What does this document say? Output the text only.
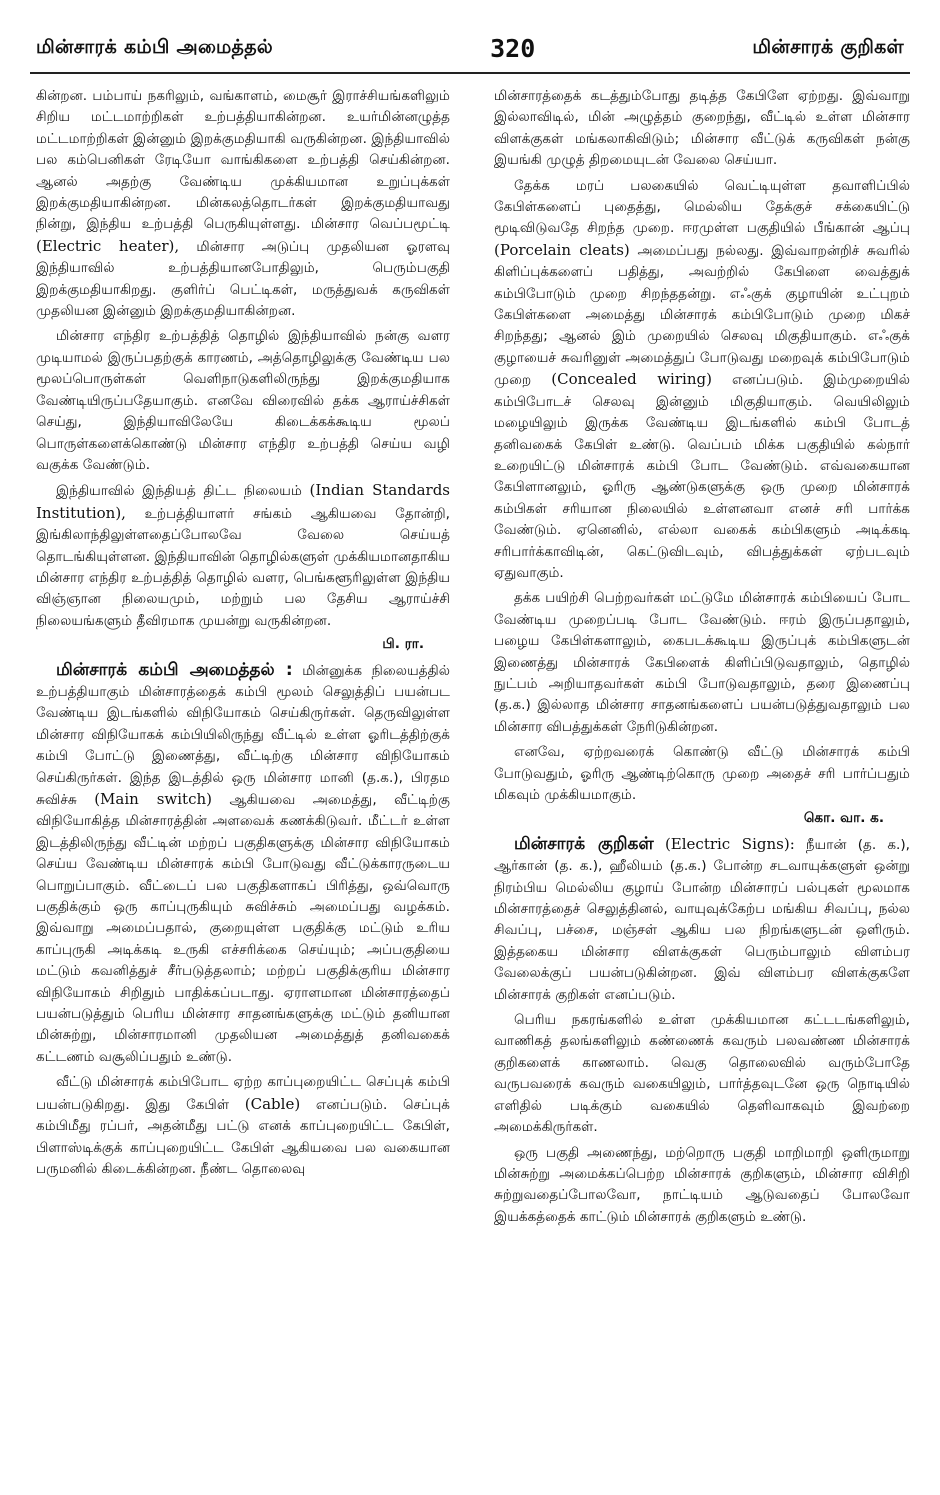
மின்சாரக் கம்பி அமைத்தல்	320	மின்சாரக் குறிகள்

கின்றன. பம்பாய் நகரிலும், வங்காளம், மைசூர் இராச்சியங்களிலும் சிறிய மட்டமாற்றிகள் உற்பத்தியாகின்றன. உயர்மின்னழுத்த மட்டமாற்றிகள் இன்னும் இறக்குமதியாகி வருகின்றன. இந்தியாவில் பல கம்பெனிகள் ரேடியோ வாங்கிகளை உற்பத்தி செய்கின்றன. ஆனல் அதற்கு வேண்டிய முக்கியமான உறுப்புக்கள் இறக்குமதியாகின்றன. மின்கலத்தொடர்கள் இறக்குமதியாவது நின்று, இந்திய உற்பத்தி பெருகியுள்ளது. மின்சார வெப்பமூட்டி (Electric heater), மின்சார அடுப்பு முதலியன ஓரளவு இந்தியாவில் உற்பத்தியானபோதிலும், பெரும்பகுதி இறக்குமதியாகிறது. குளிர்ப் பெட்டிகள், மருத்துவக் கருவிகள் முதலியன இன்னும் இறக்குமதியாகின்றன.

மின்சார எந்திர உற்பத்தித் தொழில் இந்தியாவில் நன்கு வளர முடியாமல் இருப்பதற்குக் காரணம், அத்தொழிலுக்கு வேண்டிய பல மூலப்பொருள்கள் வெளிநாடுகளிலிருந்து இறக்குமதியாக வேண்டியிருப்பதேயாகும். எனவே விரைவில் தக்க ஆராய்ச்சிகள் செய்து, இந்தியாவிலேயே கிடைக்கக்கூடிய மூலப் பொருள்களைக்கொண்டு மின்சார எந்திர உற்பத்தி செய்ய வழி வகுக்க வேண்டும்.

இந்தியாவில் இந்தியத் திட்ட நிலையம் (Indian Standards Institution), உற்பத்தியாளர் சங்கம் ஆகியவை தோன்றி, இங்கிலாந்திலுள்ளதைப்போலவே வேலை செய்யத் தொடங்கியுள்ளன. இந்தியாவின் தொழில்களுள் முக்கியமானதாகிய மின்சார எந்திர உற்பத்தித் தொழில் வளர, பெங்களூரிலுள்ள இந்திய விஞ்ஞான நிலையமும், மற்றும் பல தேசிய ஆராய்ச்சி நிலையங்களும் தீவிரமாக முயன்று வருகின்றன.

பி. ரா.

மின்சாரக் கம்பி அமைத்தல் : மின்னுக்க நிலையத்தில் உற்பத்தியாகும் மின்சாரத்தைக் கம்பி மூலம் செலுத்திப் பயன்பட வேண்டிய இடங்களில் விநியோகம் செய்கிருர்கள். தெருவிலுள்ள மின்சார விநியோகக் கம்பியிலிருந்து வீட்டில் உள்ள ஓரிடத்திற்குக் கம்பி போட்டு இணைத்து, வீட்டிற்கு மின்சார விநியோகம் செய்கிருர்கள். இந்த இடத்தில் ஒரு மின்சார மானி (த.க.), பிரதம சுவிச்சு (Main switch) ஆகியவை அமைத்து, வீட்டிற்கு விநியோகித்த மின்சாரத்தின் அளவைக் கணக்கிடுவர். மீட்டர் உள்ள இடத்திலிருந்து வீட்டின் மற்றப் பகுதிகளுக்கு மின்சார விநியோகம் செய்ய வேண்டிய மின்சாரக் கம்பி போடுவது வீட்டுக்காரருடைய பொறுப்பாகும். வீட்டைப் பல பகுதிகளாகப் பிரித்து, ஒவ்வொரு பகுதிக்கும் ஒரு காப்புருகியும் சுவிச்சும் அமைப்பது வழக்கம். இவ்வாறு அமைப்பதால், குறையுள்ள பகுதிக்கு மட்டும் உரிய காப்புருகி அடிக்கடி உருகி எச்சரிக்கை செய்யும்; அப்பகுதியை மட்டும் கவனித்துச் சீர்படுத்தலாம்; மற்றப் பகுதிக்குரிய மின்சார விநியோகம் சிறிதும் பாதிக்கப்படாது. ஏராளமான மின்சாரத்தைப் பயன்படுத்தும் பெரிய மின்சார சாதனங்களுக்கு மட்டும் தனியான மின்சுற்று, மின்சாரமானி முதலியன அமைத்துத் தனிவகைக் கட்டணம் வசூலிப்பதும் உண்டு.

வீட்டு மின்சாரக் கம்பிபோட ஏற்ற காப்புறையிட்ட செப்புக் கம்பி பயன்படுகிறது. இது கேபிள் (Cable) எனப்படும். செப்புக் கம்பிமீது ரப்பர், அதன்மீது பட்டு எனக் காப்புறையிட்ட கேபிள், பிளாஸ்டிக்குக் காப்புறையிட்ட கேபிள் ஆகியவை பல வகையான பருமனில் கிடைக்கின்றன. நீண்ட தொலைவு

மின்சாரத்தைக் கடத்தும்போது தடித்த கேபிளே ஏற்றது. இவ்வாறு இல்லாவிடில், மின் அழுத்தம் குறைந்து, வீட்டில் உள்ள மின்சார விளக்குகள் மங்கலாகிவிடும்; மின்சார வீட்டுக் கருவிகள் நன்கு இயங்கி முழுத் திறமையுடன் வேலை செய்யா.

தேக்க மரப் பலகையில் வெட்டியுள்ள தவாளிப்பில் கேபிள்களைப் புதைத்து, மெல்லிய தேக்குச் சக்கையிட்டு மூடிவிடுவதே சிறந்த முறை. ஈரமுள்ள பகுதியில் பீங்கான் ஆப்பு (Porcelain cleats) அமைப்பது நல்லது. இவ்வாறன்றிச் சுவரில் கிளிப்புக்களைப் பதித்து, அவற்றில் கேபிளை வைத்துக் கம்பிபோடும் முறை சிறந்ததன்று. எஃகுக் குழாயின் உட்புறம் கேபிள்களை அமைத்து மின்சாரக் கம்பிபோடும் முறை மிகச் சிறந்தது; ஆனல் இம் முறையில் செலவு மிகுதியாகும். எஃகுக் குழாயைச் சுவரினுள் அமைத்துப் போடுவது மறைவுக் கம்பிபோடும் முறை (Concealed wiring) எனப்படும். இம்முறையில் கம்பிபோடச் செலவு இன்னும் மிகுதியாகும். வெயிலிலும் மழையிலும் இருக்க வேண்டிய இடங்களில் கம்பி போடத் தனிவகைக் கேபிள் உண்டு. வெப்பம் மிக்க பகுதியில் கல்நார் உறையிட்டு மின்சாரக் கம்பி போட வேண்டும். எவ்வகையான கேபிளானலும், ஓரிரு ஆண்டுகளுக்கு ஒரு முறை மின்சாரக் கம்பிகள் சரியான நிலையில் உள்ளனவா எனச் சரி பார்க்க வேண்டும். ஏனெனில், எல்லா வகைக் கம்பிகளும் அடிக்கடி சரிபார்க்காவிடின், கெட்டுவிடவும், விபத்துக்கள் ஏற்படவும் ஏதுவாகும்.

தக்க பயிற்சி பெற்றவர்கள் மட்டுமே மின்சாரக் கம்பியைப் போட வேண்டிய முறைப்படி போட வேண்டும். ஈரம் இருப்பதாலும், பழைய கேபிள்களாலும், கைபடக்கூடிய இருப்புக் கம்பிகளுடன் இணைத்து மின்சாரக் கேபிளைக் கிளிப்பிடுவதாலும், தொழில் நுட்பம் அறியாதவர்கள் கம்பி போடுவதாலும், தரை இணைப்பு (த.க.) இல்லாத மின்சார சாதனங்களைப் பயன்படுத்துவதாலும் பல மின்சார விபத்துக்கள் நேரிடுகின்றன.

எனவே, ஏற்றவரைக் கொண்டு வீட்டு மின்சாரக் கம்பி போடுவதும், ஓரிரு ஆண்டிற்கொரு முறை அதைச் சரி பார்ப்பதும் மிகவும் முக்கியமாகும்.

கொ. வா. க.

மின்சாரக் குறிகள் (Electric Signs): நீயான் (த. க.), ஆர்கான் (த. க.), ஹீலியம் (த.க.) போன்ற சடவாயுக்களுள் ஒன்று நிரம்பிய மெல்லிய குழாய் போன்ற மின்சாரப் பல்புகள் மூலமாக மின்சாரத்தைச் செலுத்தினல், வாயுவுக்கேற்ப மங்கிய சிவப்பு, நல்ல சிவப்பு, பச்சை, மஞ்சள் ஆகிய பல நிறங்களுடன் ஒளிரும். இத்தகைய மின்சார விளக்குகள் பெரும்பாலும் விளம்பர வேலைக்குப் பயன்படுகின்றன. இவ் விளம்பர விளக்குகளே மின்சாரக் குறிகள் எனப்படும்.

பெரிய நகரங்களில் உள்ள முக்கியமான கட்டடங்களிலும், வாணிகத் தலங்களிலும் கண்ணைக் கவரும் பலவண்ண மின்சாரக் குறிகளைக் காணலாம். வெகு தொலைவில் வரும்போதே வருபவரைக் கவரும் வகையிலும், பார்த்தவுடனே ஒரு நொடியில் எளிதில் படிக்கும் வகையில் தெளிவாகவும் இவற்றை அமைக்கிருர்கள்.

ஒரு பகுதி அணைந்து, மற்றொரு பகுதி மாறிமாறி ஒளிருமாறு மின்சுற்று அமைக்கப்பெற்ற மின்சாரக் குறிகளும், மின்சார விசிறி சுற்றுவதைப்போலவோ, நாட்டியம் ஆடுவதைப் போலவோ இயக்கத்தைக் காட்டும் மின்சாரக் குறிகளும் உண்டு.
